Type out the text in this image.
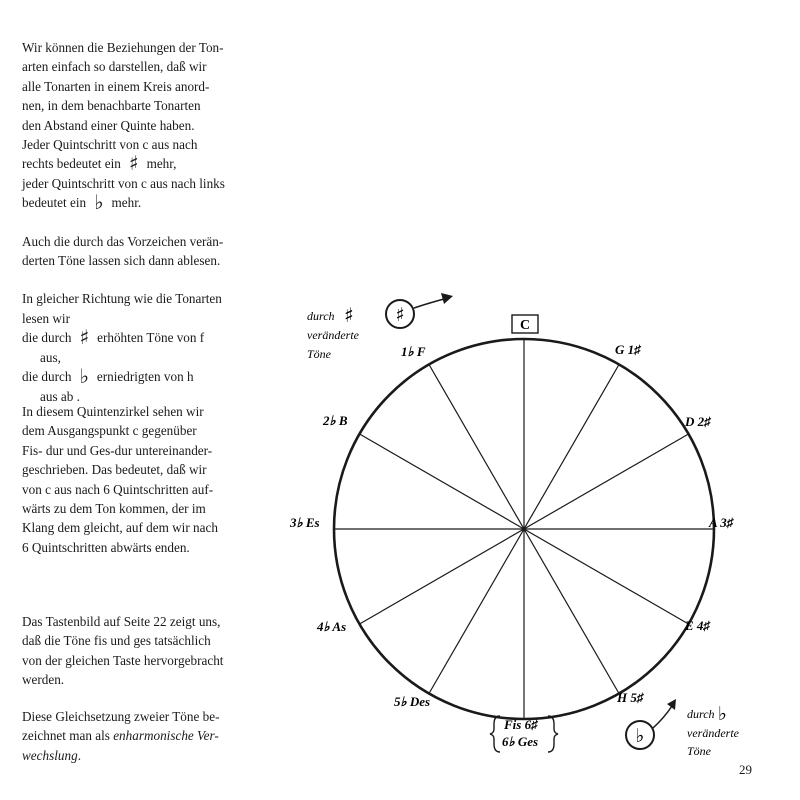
Wir können die Beziehungen der Ton-
arten einfach so darstellen, daß wir
alle Tonarten in einem Kreis anord-
nen, in dem benachbarte Tonarten
den Abstand einer Quinte haben.
Jeder Quintschritt von c aus nach
rechts bedeutet ein ♯ mehr,
jeder Quintschritt von c aus nach links
bedeutet ein ♭ mehr.

Auch die durch das Vorzeichen verän-
derten Töne lassen sich dann ablesen.

In gleicher Richtung wie die Tonarten
lesen wir
die durch ♯ erhöhten Töne von f
aus,
die durch ♭ erniedrigten von h
aus ab .

In diesem Quintenzirkel sehen wir
dem Ausgangspunkt c gegenüber
Fis- dur und Ges-dur untereinander-
geschrieben. Das bedeutet, daß wir
von c aus nach 6 Quintschritten auf-
wärts zu dem Ton kommen, der im
Klang dem gleicht, auf dem wir nach
6 Quintschritten abwärts enden.

Das Tastenbild auf Seite 22 zeigt uns,
daß die Töne fis und ges tatsächlich
von der gleichen Taste hervorgebracht
werden.

Diese Gleichsetzung zweier Töne be-
zeichnet man als enharmonische Ver-
wechslung.

C
G 1♯
D 2♯
A 3♯
E 4♯
H 5♯
Fis 6♯
6♭ Ges
5♭ Des
4♭ As
3♭ Es
2♭ B
1♭ F
durch
veränderte
Töne
♯ ♯
♭
durch ♭
veränderte
Töne
29
